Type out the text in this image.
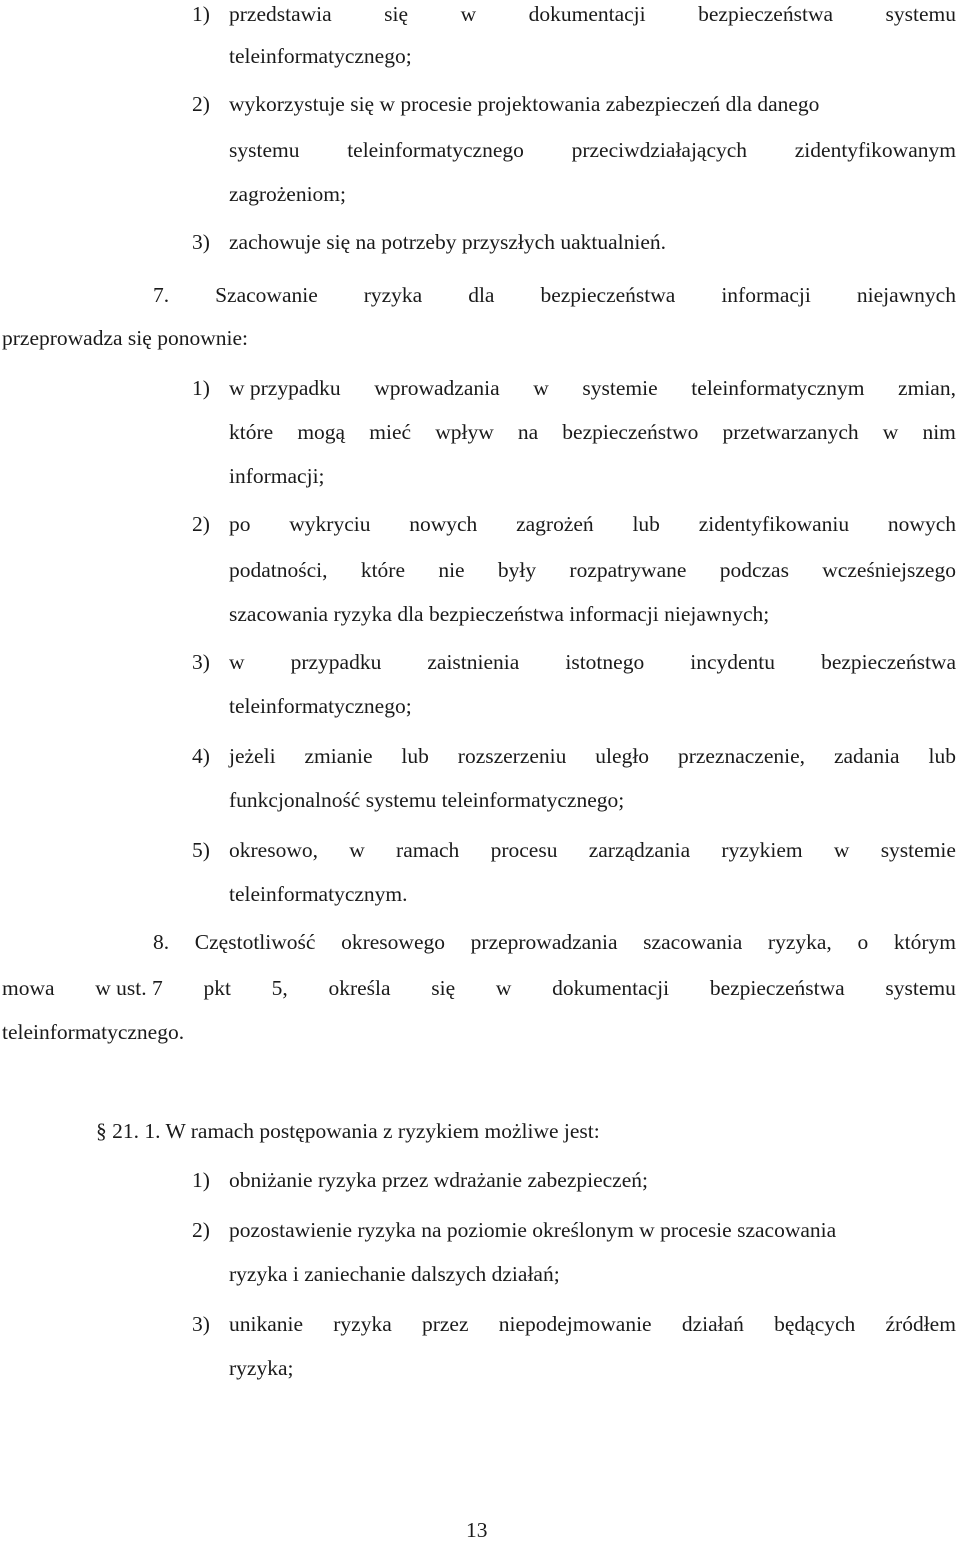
1) przedstawia się w dokumentacji bezpieczeństwa systemu
teleinformatycznego;
2) wykorzystuje się w procesie projektowania zabezpieczeń dla danego
systemu teleinformatycznego przeciwdziałających zidentyfikowanym
zagrożeniom;
3) zachowuje się na potrzeby przyszłych uaktualnień.
7. Szacowanie ryzyka dla bezpieczeństwa informacji niejawnych
przeprowadza się ponownie:
1) w przypadku wprowadzania w systemie teleinformatycznym zmian,
które mogą mieć wpływ na bezpieczeństwo przetwarzanych w nim
informacji;
2) po wykryciu nowych zagrożeń lub zidentyfikowaniu nowych
podatności, które nie były rozpatrywane podczas wcześniejszego
szacowania ryzyka dla bezpieczeństwa informacji niejawnych;
3) w przypadku zaistnienia istotnego incydentu bezpieczeństwa
teleinformatycznego;
4) jeżeli zmianie lub rozszerzeniu uległo przeznaczenie, zadania lub
funkcjonalność systemu teleinformatycznego;
5) okresowo, w ramach procesu zarządzania ryzykiem w systemie
teleinformatycznym.
8. Częstotliwość okresowego przeprowadzania szacowania ryzyka, o którym
mowa w ust. 7 pkt 5, określa się w dokumentacji bezpieczeństwa systemu
teleinformatycznego.
§ 21. 1. W ramach postępowania z ryzykiem możliwe jest:
1) obniżanie ryzyka przez wdrażanie zabezpieczeń;
2) pozostawienie ryzyka na poziomie określonym w procesie szacowania
ryzyka i zaniechanie dalszych działań;
3) unikanie ryzyka przez niepodejmowanie działań będących źródłem
ryzyka;
13
